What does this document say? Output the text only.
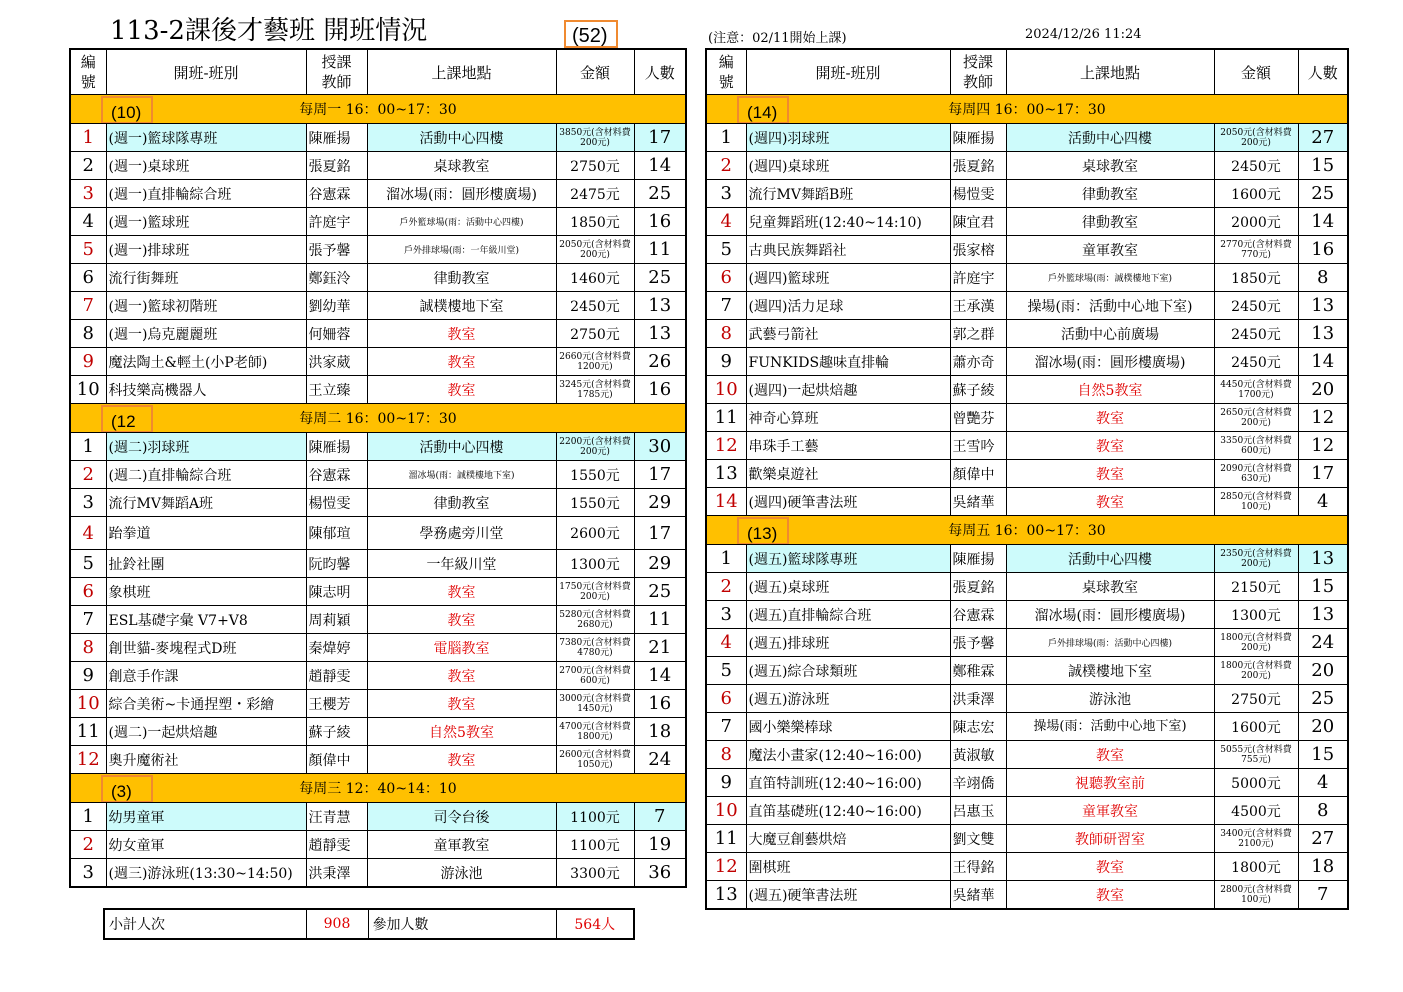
113-2課後才藝班 開班情況	(52)	(注意：02/11開始上課)	2024/12/26 11:24
編號	開班-班別	授課教師	上課地點	金額	人數

(10) 每周一 16：00~17：30					
1	(週一)籃球隊專班	陳雁揚	活動中心四樓	3850元(含材料費200元)	17
2	(週一)桌球班	張夏銘	桌球教室	2750元	14
3	(週一)直排輪綜合班	谷憲霖	溜冰場(雨：圓形樓廣場)	2475元	25
4	(週一)籃球班	許庭宇	戶外籃球場(雨：活動中心四樓)	1850元	16
5	(週一)排球班	張予馨	戶外排球場(雨：一年級川堂)	2050元(含材料費200元)	11
6	流行街舞班	鄭鈺泠	律動教室	1460元	25
7	(週一)籃球初階班	劉幼華	誠樸樓地下室	2450元	13
8	(週一)烏克麗麗班	何姍蓉	教室	2750元	13
9	魔法陶土&輕土(小P老師)	洪家葳	教室	2660元(含材料費1200元)	26
10	科技樂高機器人	王立臻	教室	3245元(含材料費1785元)	16

(12 每周二 16：00~17：30					
1	(週二)羽球班	陳雁揚	活動中心四樓	2200元(含材料費200元)	30
2	(週二)直排輪綜合班	谷憲霖	溜冰場(雨：誠樸樓地下室)	1550元	17
3	流行MV舞蹈A班	楊愷雯	律動教室	1550元	29
4	跆拳道	陳郁瑄	學務處旁川堂	2600元	17
5	扯鈴社團	阮昀馨	一年級川堂	1300元	29
6	象棋班	陳志明	教室	1750元(含材料費200元)	25
7	ESL基礎字彙 V7+V8	周莉穎	教室	5280元(含材料費2680元)	11
8	創世貓-麥塊程式D班	秦煒婷	電腦教室	7380元(含材料費4780元)	21
9	創意手作課	趙靜雯	教室	2700元(含材料費600元)	14
10	綜合美術~卡通捏塑・彩繪	王櫻芳	教室	3000元(含材料費1450元)	16
11	(週二)一起烘焙趣	蘇子綾	自然5教室	4700元(含材料費1800元)	18
12	奧升魔術社	顏偉中	教室	2600元(含材料費1050元)	24

(3) 每周三 12：40~14：10					
1	幼男童軍	汪青慧	司令台後	1100元	7
2	幼女童軍	趙靜雯	童軍教室	1100元	19
3	(週三)游泳班(13:30~14:50)	洪秉澤	游泳池	3300元	36
編號	開班-班別	授課教師	上課地點	金額	人數

(14) 每周四 16：00~17：30					
1	(週四)羽球班	陳雁揚	活動中心四樓	2050元(含材料費200元)	27
2	(週四)桌球班	張夏銘	桌球教室	2450元	15
3	流行MV舞蹈B班	楊愷雯	律動教室	1600元	25
4	兒童舞蹈班(12:40~14:10)	陳宜君	律動教室	2000元	14
5	古典民族舞蹈社	張家榕	童軍教室	2770元(含材料費770元)	16
6	(週四)籃球班	許庭宇	戶外籃球場(雨：誠樸樓地下室)	1850元	8
7	(週四)活力足球	王承漢	操場(雨：活動中心地下室)	2450元	13
8	武藝弓箭社	郭之群	活動中心前廣場	2450元	13
9	FUNKIDS趣味直排輪	蕭亦奇	溜冰場(雨：圓形樓廣場)	2450元	14
10	(週四)一起烘焙趣	蘇子綾	自然5教室	4450元(含材料費1700元)	20
11	神奇心算班	曾艷芬	教室	2650元(含材料費200元)	12
12	串珠手工藝	王雪吟	教室	3350元(含材料費600元)	12
13	歡樂桌遊社	顏偉中	教室	2090元(含材料費630元)	17
14	(週四)硬筆書法班	吳緒華	教室	2850元(含材料費100元)	4

(13) 每周五 16：00~17：30					
1	(週五)籃球隊專班	陳雁揚	活動中心四樓	2350元(含材料費200元)	13
2	(週五)桌球班	張夏銘	桌球教室	2150元	15
3	(週五)直排輪綜合班	谷憲霖	溜冰場(雨：圓形樓廣場)	1300元	13
4	(週五)排球班	張予馨	戶外排球場(雨：活動中心四樓)	1800元(含材料費200元)	24
5	(週五)綜合球類班	鄭稚霖	誠樸樓地下室	1800元(含材料費200元)	20
6	(週五)游泳班	洪秉澤	游泳池	2750元	25
7	國小樂樂棒球	陳志宏	操場(雨：活動中心地下室)	1600元	20
8	魔法小畫家(12:40~16:00)	黃淑敏	教室	5055元(含材料費755元)	15
9	直笛特訓班(12:40~16:00)	辛翊僑	視聽教室前	5000元	4
10	直笛基礎班(12:40~16:00)	呂惠玉	童軍教室	4500元	8
11	大魔豆創藝烘焙	劉文雙	教師研習室	3400元(含材料費2100元)	27
12	圍棋班	王得銘	教室	1800元	18
13	(週五)硬筆書法班	吳緒華	教室	2800元(含材料費100元)	7
小計人次	908	參加人數	564人
